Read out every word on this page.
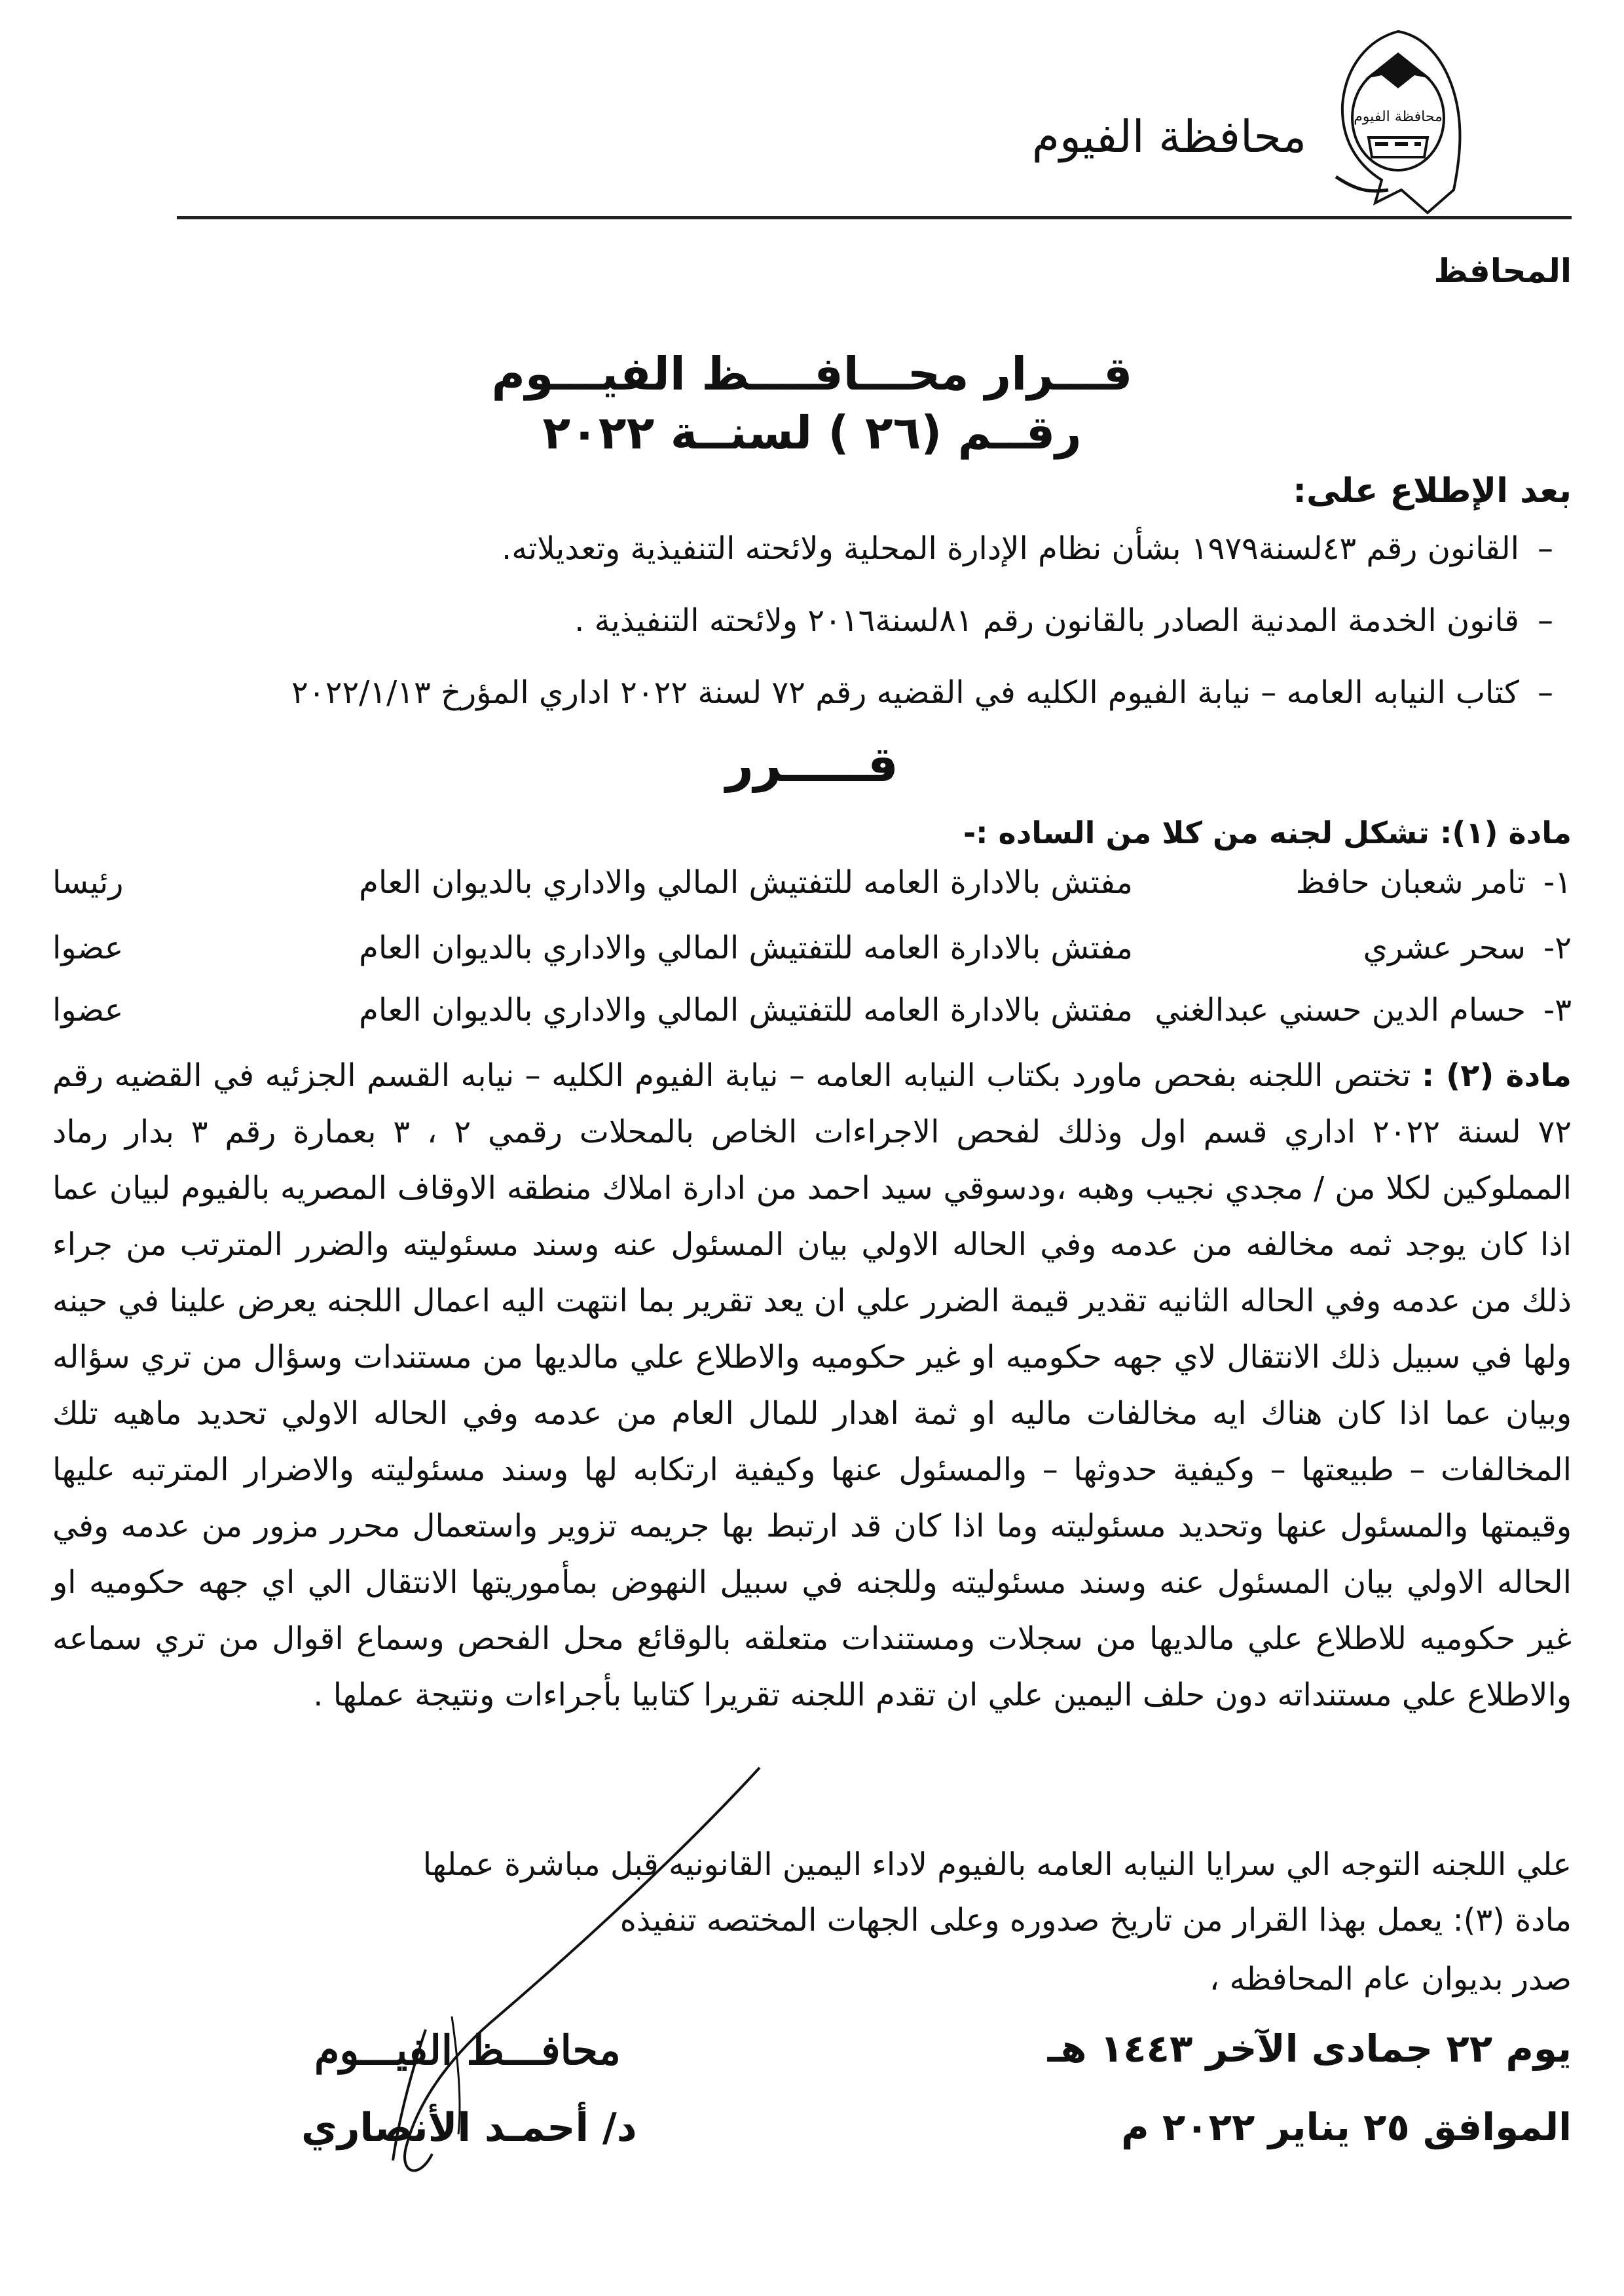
محافظة الفيوم	محافظة الفيوم
المحافظ
قـــرار محـــافــــظ الفيـــوم
رقــم (٢٦ ) لسنــة ٢٠٢٢
بعد الإطلاع على:
–القانون رقم ٤٣لسنة١٩٧٩ بشأن نظام الإدارة المحلية ولائحته التنفيذية وتعديلاته.
–قانون الخدمة المدنية الصادر بالقانون رقم ٨١لسنة٢٠١٦ ولائحته التنفيذية .
–كتاب النيابه العامه – نيابة الفيوم الكليه في القضيه رقم ٧٢ لسنة ٢٠٢٢ اداري المؤرخ ٢٠٢٢/١/١٣
قـــــرر
مادة (١): تشكل لجنه من كلا من الساده :-
١-
تامر شعبان حافظ
مفتش بالادارة العامه للتفتيش المالي والاداري بالديوان العام
رئيسا
٢-
سحر عشري
مفتش بالادارة العامه للتفتيش المالي والاداري بالديوان العام
عضوا
٣-
حسام الدين حسني عبدالغني
مفتش بالادارة العامه للتفتيش المالي والاداري بالديوان العام
عضوا
مادة (٢) : تختص اللجنه بفحص ماورد بكتاب النيابه العامه – نيابة الفيوم الكليه – نيابه القسم الجزئيه في القضيه رقم ٧٢ لسنة ٢٠٢٢ اداري قسم اول وذلك لفحص الاجراءات الخاص بالمحلات رقمي ٢ ، ٣ بعمارة رقم ٣ بدار رماد المملوكين لكلا من / مجدي نجيب وهبه ،ودسوقي سيد احمد من ادارة املاك منطقه الاوقاف المصريه بالفيوم لبيان عما اذا كان يوجد ثمه مخالفه من عدمه وفي الحاله الاولي بيان المسئول عنه وسند مسئوليته والضرر المترتب من جراء ذلك من عدمه وفي الحاله الثانيه تقدير قيمة الضرر علي ان يعد تقرير بما انتهت اليه اعمال اللجنه يعرض علينا في حينه ولها في سبيل ذلك الانتقال لاي جهه حكوميه او غير حكوميه والاطلاع علي مالديها من مستندات وسؤال من تري سؤاله وبيان عما اذا كان هناك ايه مخالفات ماليه او ثمة اهدار للمال العام من عدمه وفي الحاله الاولي تحديد ماهيه تلك المخالفات – طبيعتها – وكيفية حدوثها – والمسئول عنها وكيفية ارتكابه لها وسند مسئوليته والاضرار المترتبه عليها وقيمتها والمسئول عنها وتحديد مسئوليته وما اذا كان قد ارتبط بها جريمه تزوير واستعمال محرر مزور من عدمه وفي الحاله الاولي بيان المسئول عنه وسند مسئوليته وللجنه في سبيل النهوض بمأموريتها الانتقال الي اي جهه حكوميه او غير حكوميه للاطلاع علي مالديها من سجلات ومستندات متعلقه بالوقائع محل الفحص وسماع اقوال من تري سماعه والاطلاع علي مستنداته دون حلف اليمين علي ان تقدم اللجنه تقريرا كتابيا بأجراءات ونتيجة عملها .
علي اللجنه التوجه الي سرايا النيابه العامه بالفيوم لاداء اليمين القانونيه قبل مباشرة عملها
مادة (٣): يعمل بهذا القرار من تاريخ صدوره وعلى الجهات المختصه تنفيذه
صدر بديوان عام المحافظه ،
يوم ٢٢ جمادى الآخر ١٤٤٣ هـ
الموافق ٢٥ يناير ٢٠٢٢ م
محافـــظ الفيـــوم
د/ أحمـد الأنصاري
